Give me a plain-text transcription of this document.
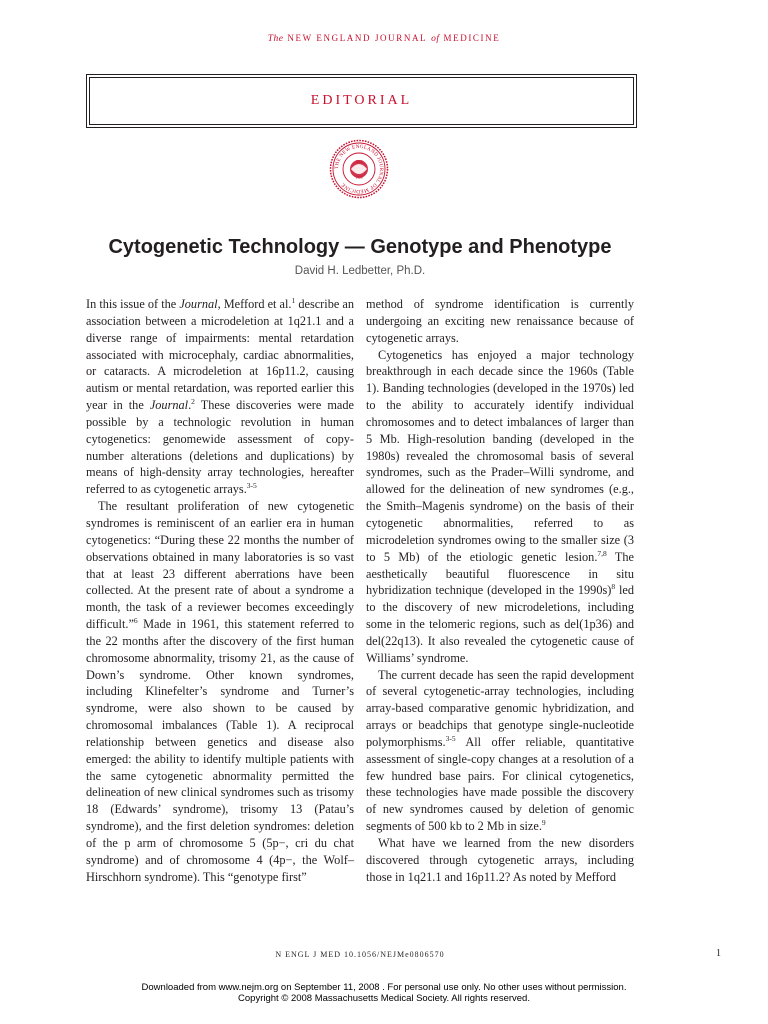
The NEW ENGLAND JOURNAL of MEDICINE
EDITORIAL
THE NEW ENGLAND JOURNAL OF MEDICINE
1812
1929
Cytogenetic Technology — Genotype and Phenotype
David H. Ledbetter, Ph.D.

In this issue of the Journal, Mefford et al.$^1$ describe an association between a microdeletion at 1q21.1 and a diverse range of impairments: mental retardation associated with microcephaly, cardiac abnormalities, or cataracts. A microdeletion at 16p11.2, causing autism or mental retardation, was reported earlier this year in the Journal.$^2$ These discoveries were made possible by a technologic revolution in human cytogenetics: genomewide assessment of copy-number alterations (deletions and duplications) by means of high-density array technologies, hereafter referred to as cytogenetic arrays.$^{3-5}$

The resultant proliferation of new cytogenetic syndromes is reminiscent of an earlier era in human cytogenetics: “During these 22 months the number of observations obtained in many laboratories is so vast that at least 23 different aberrations have been collected. At the present rate of about a syndrome a month, the task of a reviewer becomes exceedingly difficult.”$^6$ Made in 1961, this statement referred to the 22 months after the discovery of the first human chromosome abnormality, trisomy 21, as the cause of Down’s syndrome. Other known syndromes, including Klinefelter’s syndrome and Turner’s syndrome, were also shown to be caused by chromosomal imbalances (Table 1). A reciprocal relationship between genetics and disease also emerged: the ability to identify multiple patients with the same cytogenetic abnormality permitted the delineation of new clinical syndromes such as trisomy 18 (Edwards’ syndrome), trisomy 13 (Patau’s syndrome), and the first deletion syndromes: deletion of the p arm of chromosome 5 (5p−, cri du chat syndrome) and of chromosome 4 (4p−, the Wolf–Hirschhorn syndrome). This “genotype first”

method of syndrome identification is currently undergoing an exciting new renaissance because of cytogenetic arrays.

Cytogenetics has enjoyed a major technology breakthrough in each decade since the 1960s (Table 1). Banding technologies (developed in the 1970s) led to the ability to accurately identify individual chromosomes and to detect imbalances of larger than 5 Mb. High-resolution banding (developed in the 1980s) revealed the chromosomal basis of several syndromes, such as the Prader–Willi syndrome, and allowed for the delineation of new syndromes (e.g., the Smith–Magenis syndrome) on the basis of their cytogenetic abnormalities, referred to as microdeletion syndromes owing to the smaller size (3 to 5 Mb) of the etiologic genetic lesion.$^{7,8}$ The aesthetically beautiful fluorescence in situ hybridization technique (developed in the 1990s)$^8$ led to the discovery of new microdeletions, including some in the telomeric regions, such as del(1p36) and del(22q13). It also revealed the cytogenetic cause of Williams’ syndrome.

The current decade has seen the rapid development of several cytogenetic-array technologies, including array-based comparative genomic hybridization, and arrays or beadchips that genotype single-nucleotide polymorphisms.$^{3-5}$ All offer reliable, quantitative assessment of single-copy changes at a resolution of a few hundred base pairs. For clinical cytogenetics, these technologies have made possible the discovery of new syndromes caused by deletion of genomic segments of 500 kb to 2 Mb in size.$^9$

What have we learned from the new disorders discovered through cytogenetic arrays, including those in 1q21.1 and 16p11.2? As noted by Mefford

N ENGL J MED 10.1056/NEJMe0806570	1
Downloaded from www.nejm.org on September 11, 2008 . For personal use only. No other uses without permission.
Copyright © 2008 Massachusetts Medical Society. All rights reserved.
